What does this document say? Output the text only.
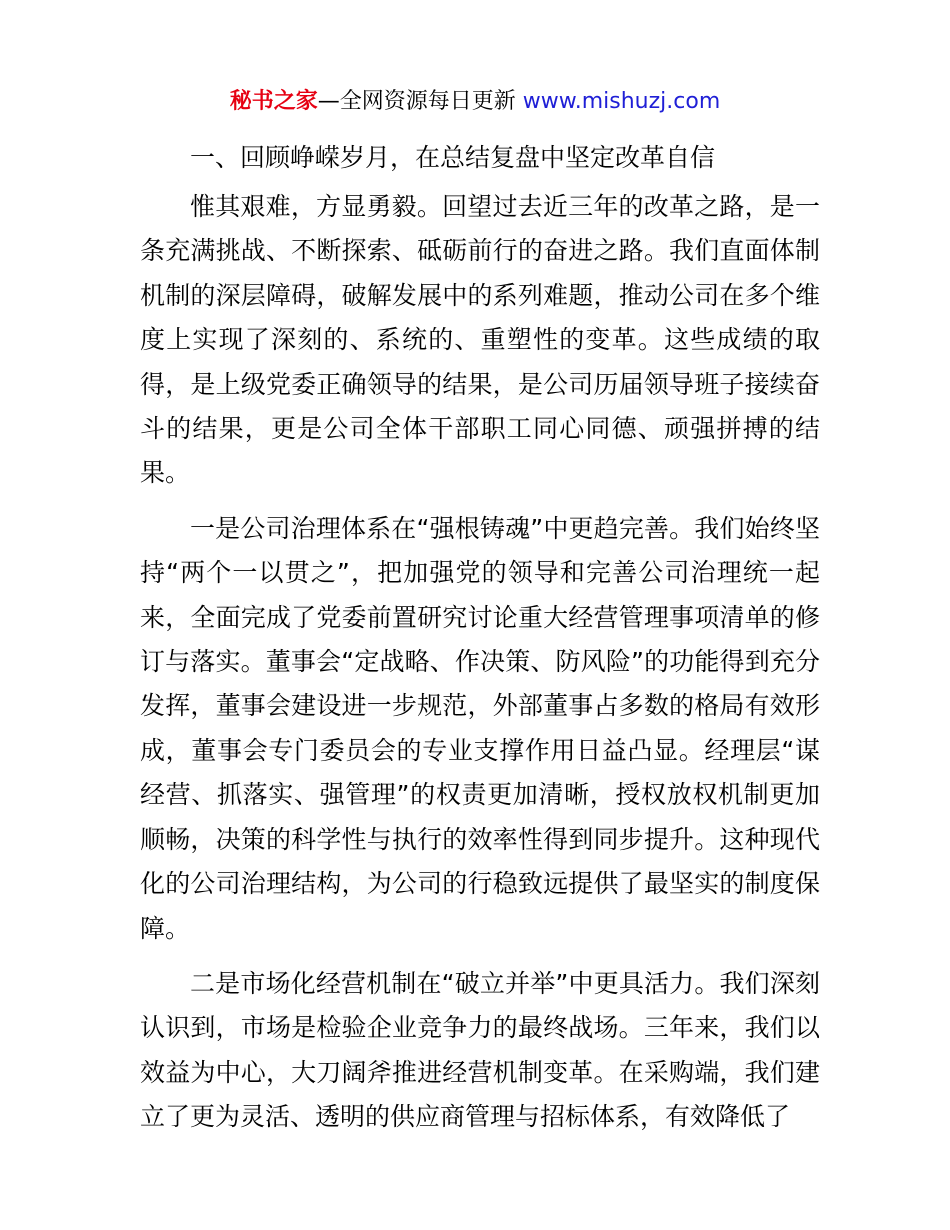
秘书之家—全网资源每日更新 www.mishuzj.com

一、回顾峥嵘岁月，在总结复盘中坚定改革自信

惟其艰难，方显勇毅。回望过去近三年的改革之路，是一条充满挑战、不断探索、砥砺前行的奋进之路。我们直面体制机制的深层障碍，破解发展中的系列难题，推动公司在多个维度上实现了深刻的、系统的、重塑性的变革。这些成绩的取得，是上级党委正确领导的结果，是公司历届领导班子接续奋斗的结果，更是公司全体干部职工同心同德、顽强拼搏的结果。

一是公司治理体系在“强根铸魂”中更趋完善。我们始终坚持“两个一以贯之”，把加强党的领导和完善公司治理统一起来，全面完成了党委前置研究讨论重大经营管理事项清单的修订与落实。董事会“定战略、作决策、防风险”的功能得到充分发挥，董事会建设进一步规范，外部董事占多数的格局有效形成，董事会专门委员会的专业支撑作用日益凸显。经理层“谋经营、抓落实、强管理”的权责更加清晰，授权放权机制更加顺畅，决策的科学性与执行的效率性得到同步提升。这种现代化的公司治理结构，为公司的行稳致远提供了最坚实的制度保障。

二是市场化经营机制在“破立并举”中更具活力。我们深刻认识到，市场是检验企业竞争力的最终战场。三年来，我们以效益为中心，大刀阔斧推进经营机制变革。在采购端，我们建立了更为灵活、透明的供应商管理与招标体系，有效降低了
